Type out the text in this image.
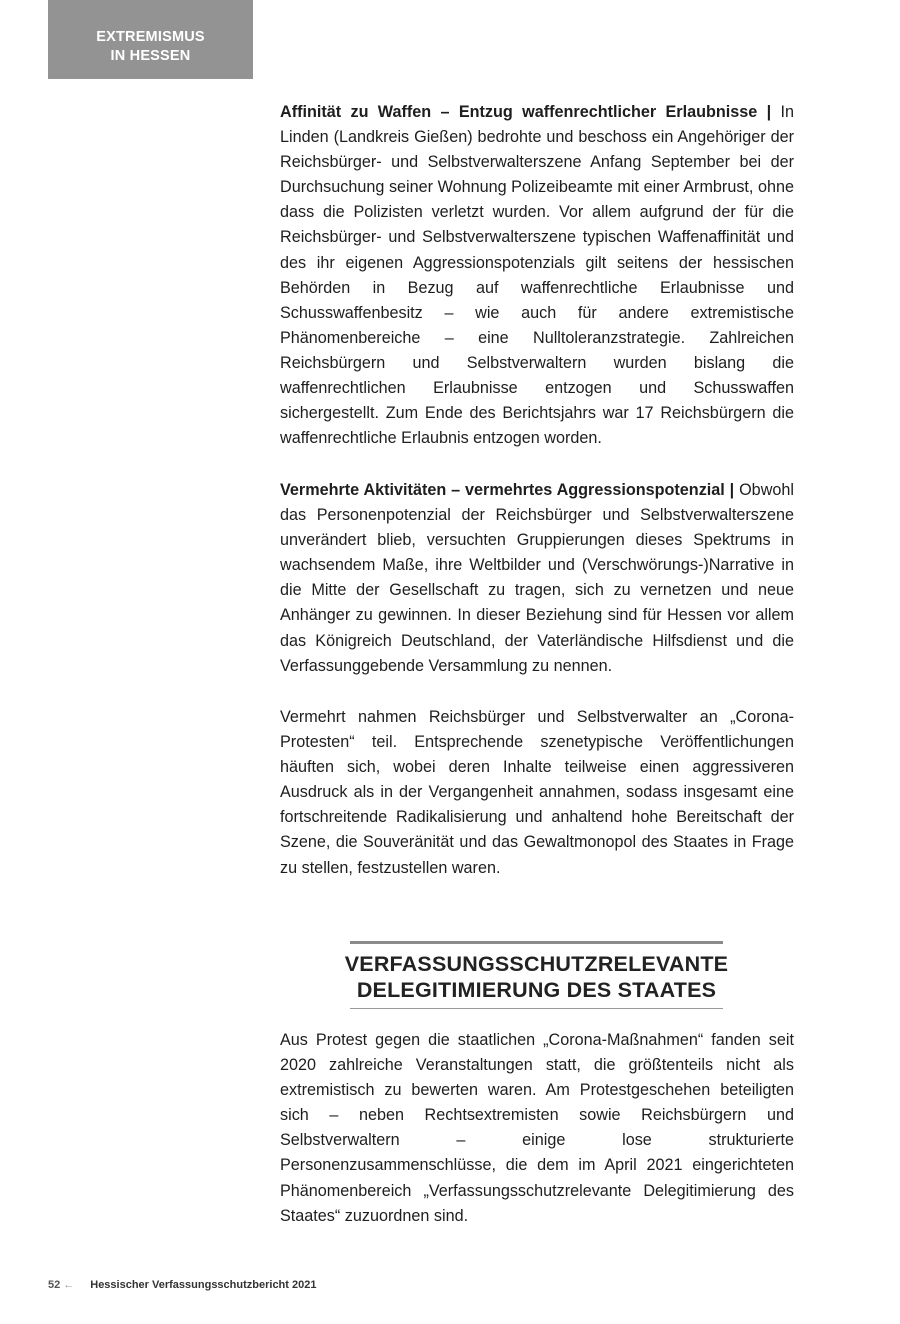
EXTREMISMUS
IN HESSEN

Affinität zu Waffen – Entzug waffenrechtlicher Erlaubnisse | In Linden (Landkreis Gießen) bedrohte und beschoss ein Angehöriger der Reichsbürger- und Selbstverwalterszene Anfang September bei der Durchsuchung seiner Wohnung Polizeibeamte mit einer Armbrust, ohne dass die Polizisten verletzt wurden. Vor allem aufgrund der für die Reichsbürger- und Selbstverwalterszene typischen Waffenaffinität und des ihr eigenen Aggressionspotenzials gilt seitens der hessischen Behörden in Bezug auf waffenrechtliche Erlaubnisse und Schusswaffenbesitz – wie auch für andere extremistische Phänomenbereiche – eine Nulltoleranzstrategie. Zahlreichen Reichsbürgern und Selbstverwaltern wurden bislang die waffenrechtlichen Erlaubnisse entzogen und Schusswaffen sichergestellt. Zum Ende des Berichtsjahrs war 17 Reichsbürgern die waffenrechtliche Erlaubnis entzogen worden.

Vermehrte Aktivitäten – vermehrtes Aggressionspotenzial | Obwohl das Personenpotenzial der Reichsbürger und Selbstverwalterszene unverändert blieb, versuchten Gruppierungen dieses Spektrums in wachsendem Maße, ihre Weltbilder und (Verschwörungs-)Narrative in die Mitte der Gesellschaft zu tragen, sich zu vernetzen und neue Anhänger zu gewinnen. In dieser Beziehung sind für Hessen vor allem das Königreich Deutschland, der Vaterländische Hilfsdienst und die Verfassunggebende Versammlung zu nennen.

Vermehrt nahmen Reichsbürger und Selbstverwalter an „Corona-Protesten“ teil. Entsprechende szenetypische Veröffentlichungen häuften sich, wobei deren Inhalte teilweise einen aggressiveren Ausdruck als in der Vergangenheit annahmen, sodass insgesamt eine fortschreitende Radikalisierung und anhaltend hohe Bereitschaft der Szene, die Souveränität und das Gewaltmonopol des Staates in Frage zu stellen, festzustellen waren.

VERFASSUNGSSCHUTZRELEVANTE
DELEGITIMIERUNG DES STAATES

Aus Protest gegen die staatlichen „Corona-Maßnahmen“ fanden seit 2020 zahlreiche Veranstaltungen statt, die größtenteils nicht als extremistisch zu bewerten waren. Am Protestgeschehen beteiligten sich – neben Rechtsextremisten sowie Reichsbürgern und Selbstverwaltern – einige lose strukturierte Personenzusammenschlüsse, die dem im April 2021 eingerichteten Phänomenbereich „Verfassungsschutzrelevante Delegitimierung des Staates“ zuzuordnen sind.

52 ← Hessischer Verfassungsschutzbericht 2021
